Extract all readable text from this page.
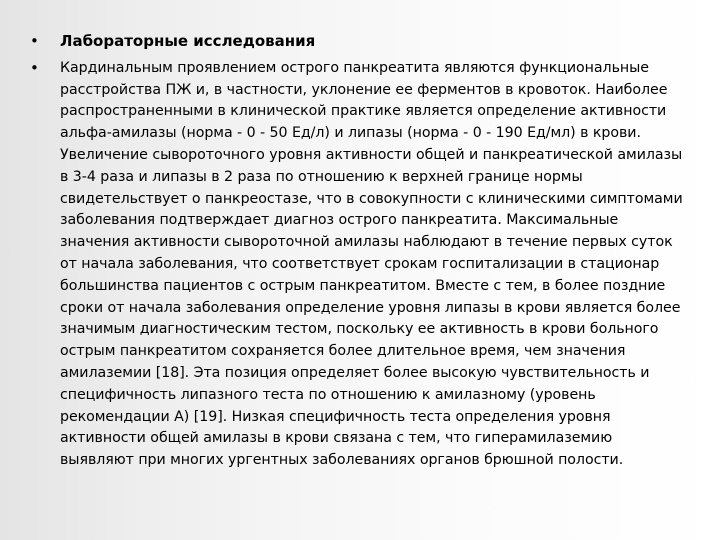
• Лабораторные исследования
• Кардинальным проявлением острого панкреатита являются функциональные расстройства ПЖ и, в частности, уклонение ее ферментов в кровоток. Наиболее распространенными в клинической практике является определение активности альфа-амилазы (норма - 0 - 50 Ед/л) и липазы (норма - 0 - 190 Ед/мл) в крови. Увеличение сывороточного уровня активности общей и панкреатической амилазы в 3-4 раза и липазы в 2 раза по отношению к верхней границе нормы свидетельствует о панкреостазе, что в совокупности с клиническими симптомами заболевания подтверждает диагноз острого панкреатита. Максимальные значения активности сывороточной амилазы наблюдают в течение первых суток от начала заболевания, что соответствует срокам госпитализации в стационар большинства пациентов с острым панкреатитом. Вместе с тем, в более поздние сроки от начала заболевания определение уровня липазы в крови является более значимым диагностическим тестом, поскольку ее активность в крови больного острым панкреатитом сохраняется более длительное время, чем значения амилаземии [18]. Эта позиция определяет более высокую чувствительность и специфичность липазного теста по отношению к амилазному (уровень рекомендации А) [19]. Низкая специфичность теста определения уровня активности общей амилазы в крови связана с тем, что гиперамилаземию выявляют при многих ургентных заболеваниях органов брюшной полости.
